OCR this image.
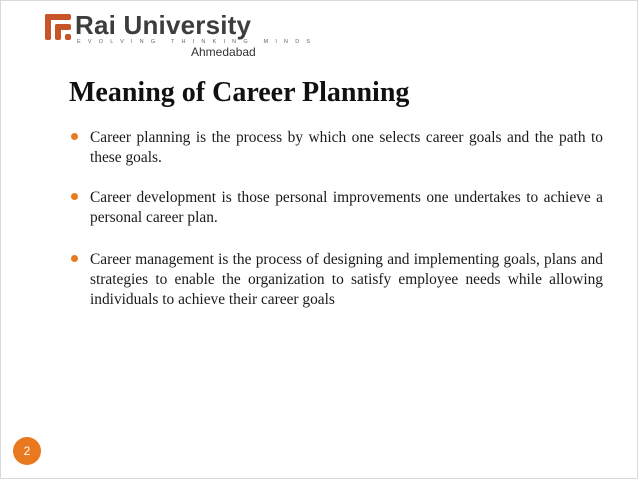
Rai University
EVOLVING THINKING MINDS
Ahmedabad
Meaning of Career Planning
Career planning is the process by which one selects career goals and the path to these goals.
Career development is those personal improvements one undertakes to achieve a personal career plan.
Career management is the process of designing and implementing goals, plans and strategies to enable the organization to satisfy employee needs while allowing individuals to achieve their career goals
2
